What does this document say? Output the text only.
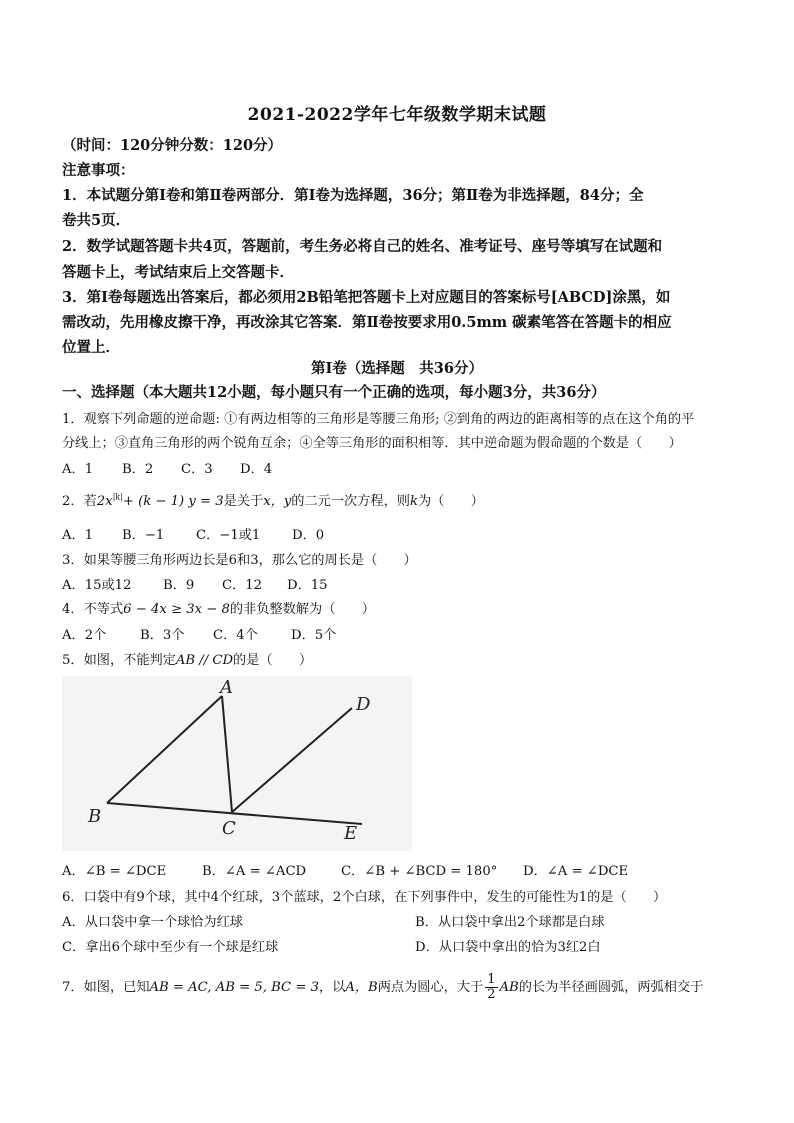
2021-2022学年七年级数学期末试题
（时间：120分钟分数：120分）
注意事项：
1．本试题分第Ⅰ卷和第Ⅱ卷两部分．第Ⅰ卷为选择题，36分；第Ⅱ卷为非选择题，84分；全
卷共5页．
2．数学试题答题卡共4页，答题前，考生务必将自己的姓名、准考证号、座号等填写在试题和
答题卡上，考试结束后上交答题卡．
3．第Ⅰ卷每题选出答案后，都必须用2B铅笔把答题卡上对应题目的答案标号[ABCD]涂黑，如
需改动，先用橡皮擦干净，再改涂其它答案．第Ⅱ卷按要求用0.5mm 碳素笔答在答题卡的相应
位置上．
第Ⅰ卷（选择题　共36分）
一、选择题（本大题共12小题，每小题只有一个正确的选项，每小题3分，共36分）
1．观察下列命题的逆命题: ①有两边相等的三角形是等腰三角形; ②到角的两边的距离相等的点在这个角的平
分线上；③直角三角形的两个锐角互余；④全等三角形的面积相等．其中逆命题为假命题的个数是（　　）
A．1 B．2 C．3 D．4
2．若$2x^{|k|}+ (k - 1) y = 3$是关于x，y的二元一次方程，则k为（　　）
A．1 B．−1 C．−1或1 D．0
3．如果等腰三角形两边长是6和3，那么它的周长是（　　）
A．15或12 B．9 C．12 D．15
4．不等式6 − 4x ≥ 3x − 8的非负整数解为（　　）
A．2个	B．3个 C．4个	D．5个
5．如图，不能判定AB // CD的是（　　）
A
B
C
D
E
A．∠B = ∠DCE	B．∠A = ∠ACD	C．∠B + ∠BCD = 180° D．∠A = ∠DCE
6．口袋中有9个球，其中4个红球，3个蓝球，2个白球，在下列事件中，发生的可能性为1的是（　　）
A．从口袋中拿一个球恰为红球	B．从口袋中拿出2个球都是白球
C．拿出6个球中至少有一个球是红球	D．从口袋中拿出的恰为3红2白
7．如图，已知AB = AC, AB = 5, BC = 3，以A，B两点为圆心，大于 $\frac{1}{2}$ AB的长为半径画圆弧，两弧相交于
